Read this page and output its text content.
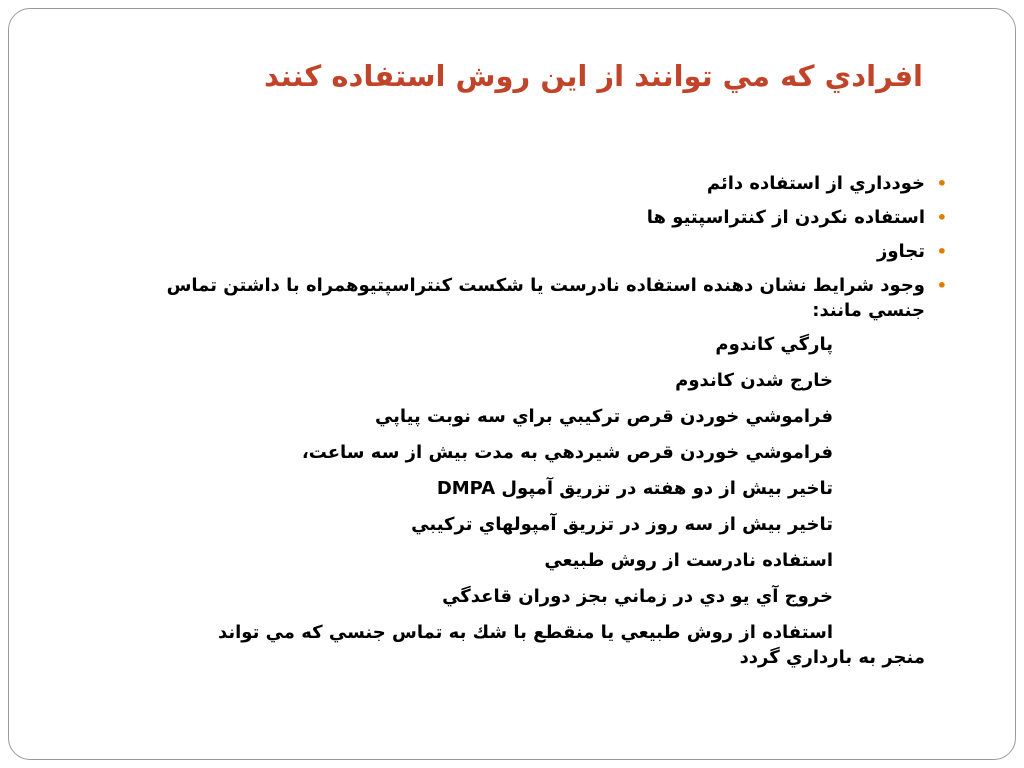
افرادي كه مي توانند از اين روش استفاده كنند
•
خودداري از استفاده دائم
•
استفاده نكردن از كنتراسپتيو ها
•
تجاوز
•
وجود شرايط نشان دهنده استفاده نادرست يا شكست كنتراسپتيوهمراه با داشتن تماس جنسي مانند:
پارگي كاندوم
خارج شدن كاندوم
فراموشي خوردن قرص تركيبي براي سه نوبت پياپي
فراموشي خوردن قرص شيردهي به مدت بيش از سه ساعت،
تاخير بيش از دو هفته در تزريق آمپول DMPA
تاخير بيش از سه روز در تزريق آمپولهاي تركيبي
استفاده نادرست از روش طبيعي
خروج آي يو دي در زماني بجز دوران قاعدگي
استفاده از روش طبيعي يا منقطع با شك به تماس جنسي كه مي تواند
منجر به بارداري گردد
